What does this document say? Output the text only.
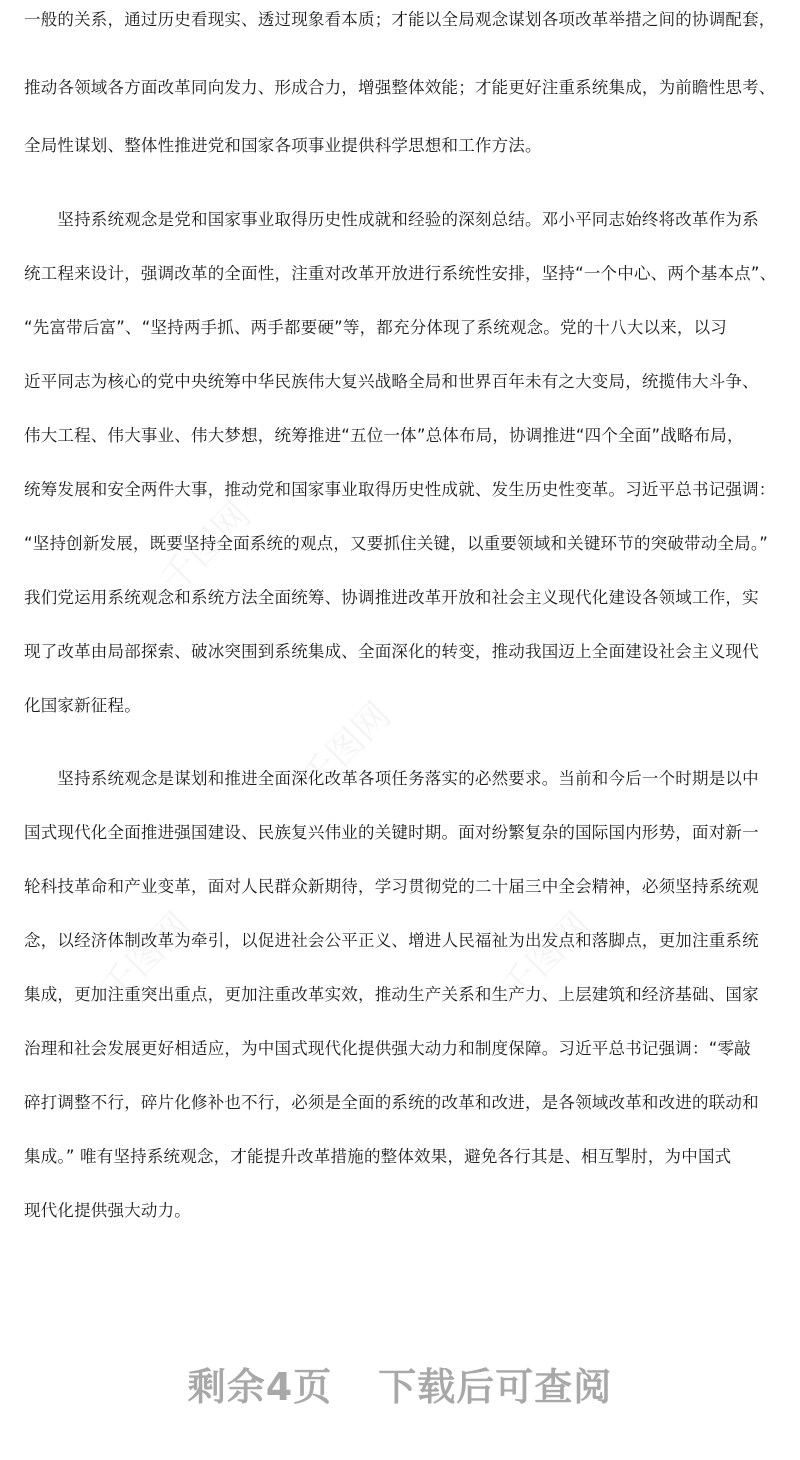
一般的关系，通过历史看现实、透过现象看本质；才能以全局观念谋划各项改革举措之间的协调配套，
推动各领域各方面改革同向发力、形成合力，增强整体效能；才能更好注重系统集成，为前瞻性思考、
全局性谋划、整体性推进党和国家各项事业提供科学思想和工作方法。
　　坚持系统观念是党和国家事业取得历史性成就和经验的深刻总结。邓小平同志始终将改革作为系
统工程来设计，强调改革的全面性，注重对改革开放进行系统性安排，坚持“一个中心、两个基本点”、
“先富带后富”、“坚持两手抓、两手都要硬”等，都充分体现了系统观念。党的十八大以来，以习
近平同志为核心的党中央统筹中华民族伟大复兴战略全局和世界百年未有之大变局，统揽伟大斗争、
伟大工程、伟大事业、伟大梦想，统筹推进“五位一体”总体布局，协调推进“四个全面”战略布局，
统筹发展和安全两件大事，推动党和国家事业取得历史性成就、发生历史性变革。习近平总书记强调：
“坚持创新发展，既要坚持全面系统的观点，又要抓住关键，以重要领域和关键环节的突破带动全局。”
我们党运用系统观念和系统方法全面统筹、协调推进改革开放和社会主义现代化建设各领域工作，实
现了改革由局部探索、破冰突围到系统集成、全面深化的转变，推动我国迈上全面建设社会主义现代
化国家新征程。
　　坚持系统观念是谋划和推进全面深化改革各项任务落实的必然要求。当前和今后一个时期是以中
国式现代化全面推进强国建设、民族复兴伟业的关键时期。面对纷繁复杂的国际国内形势，面对新一
轮科技革命和产业变革，面对人民群众新期待，学习贯彻党的二十届三中全会精神，必须坚持系统观
念，以经济体制改革为牵引，以促进社会公平正义、增进人民福祉为出发点和落脚点，更加注重系统
集成，更加注重突出重点，更加注重改革实效，推动生产关系和生产力、上层建筑和经济基础、国家
治理和社会发展更好相适应，为中国式现代化提供强大动力和制度保障。习近平总书记强调：“零敲
碎打调整不行，碎片化修补也不行，必须是全面的系统的改革和改进，是各领域改革和改进的联动和
集成。” 唯有坚持系统观念，才能提升改革措施的整体效果，避免各行其是、相互掣肘，为中国式
现代化提供强大动力。
剩余4页 下载后可查阅
